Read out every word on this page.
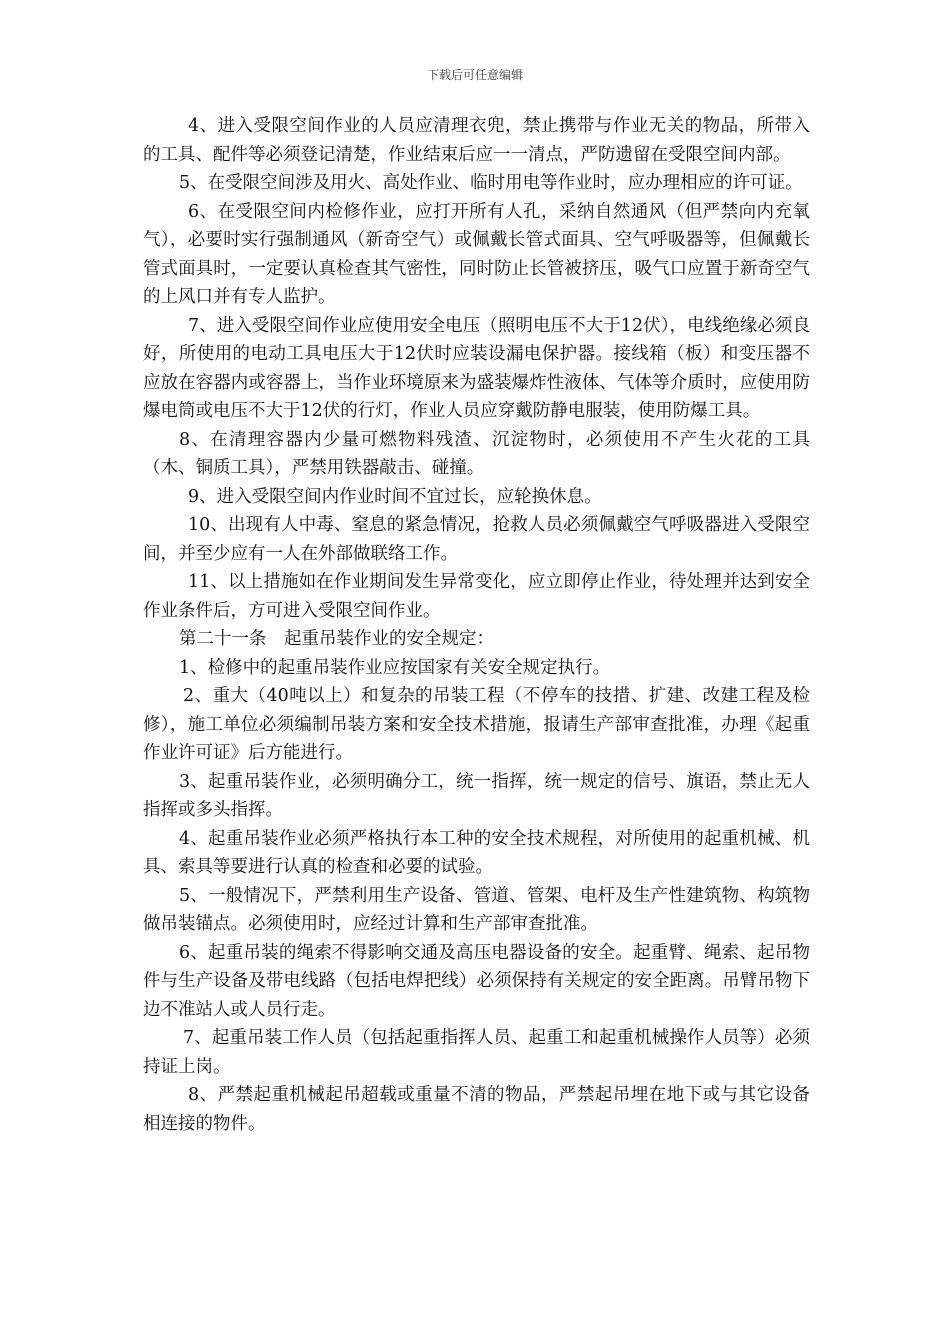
下载后可任意编辑

4、进入受限空间作业的人员应清理衣兜，禁止携带与作业无关的物品，所带入的工具、配件等必须登记清楚，作业结束后应一一清点，严防遗留在受限空间内部。

5、在受限空间涉及用火、高处作业、临时用电等作业时，应办理相应的许可证。

6、在受限空间内检修作业，应打开所有人孔，采纳自然通风（但严禁向内充氧气），必要时实行强制通风（新奇空气）或佩戴长管式面具、空气呼吸器等，但佩戴长管式面具时，一定要认真检查其气密性，同时防止长管被挤压，吸气口应置于新奇空气的上风口并有专人监护。

7、进入受限空间作业应使用安全电压（照明电压不大于12伏），电线绝缘必须良好，所使用的电动工具电压大于12伏时应装设漏电保护器。接线箱（板）和变压器不应放在容器内或容器上，当作业环境原来为盛装爆炸性液体、气体等介质时，应使用防爆电筒或电压不大于12伏的行灯，作业人员应穿戴防静电服装，使用防爆工具。

8、在清理容器内少量可燃物料残渣、沉淀物时，必须使用不产生火花的工具（木、铜质工具），严禁用铁器敲击、碰撞。

9、进入受限空间内作业时间不宜过长，应轮换休息。

10、出现有人中毒、窒息的紧急情况，抢救人员必须佩戴空气呼吸器进入受限空间，并至少应有一人在外部做联络工作。

11、以上措施如在作业期间发生异常变化，应立即停止作业，待处理并达到安全作业条件后，方可进入受限空间作业。

第二十一条　起重吊装作业的安全规定：

1、检修中的起重吊装作业应按国家有关安全规定执行。

2、重大（40吨以上）和复杂的吊装工程（不停车的技措、扩建、改建工程及检修），施工单位必须编制吊装方案和安全技术措施，报请生产部审查批准，办理《起重作业许可证》后方能进行。

3、起重吊装作业，必须明确分工，统一指挥，统一规定的信号、旗语，禁止无人指挥或多头指挥。

4、起重吊装作业必须严格执行本工种的安全技术规程，对所使用的起重机械、机具、索具等要进行认真的检查和必要的试验。

5、一般情况下，严禁利用生产设备、管道、管架、电杆及生产性建筑物、构筑物做吊装锚点。必须使用时，应经过计算和生产部审查批准。

6、起重吊装的绳索不得影响交通及高压电器设备的安全。起重臂、绳索、起吊物件与生产设备及带电线路（包括电焊把线）必须保持有关规定的安全距离。吊臂吊物下边不准站人或人员行走。

7、起重吊装工作人员（包括起重指挥人员、起重工和起重机械操作人员等）必须持证上岗。

8、严禁起重机械起吊超载或重量不清的物品，严禁起吊埋在地下或与其它设备相连接的物件。
